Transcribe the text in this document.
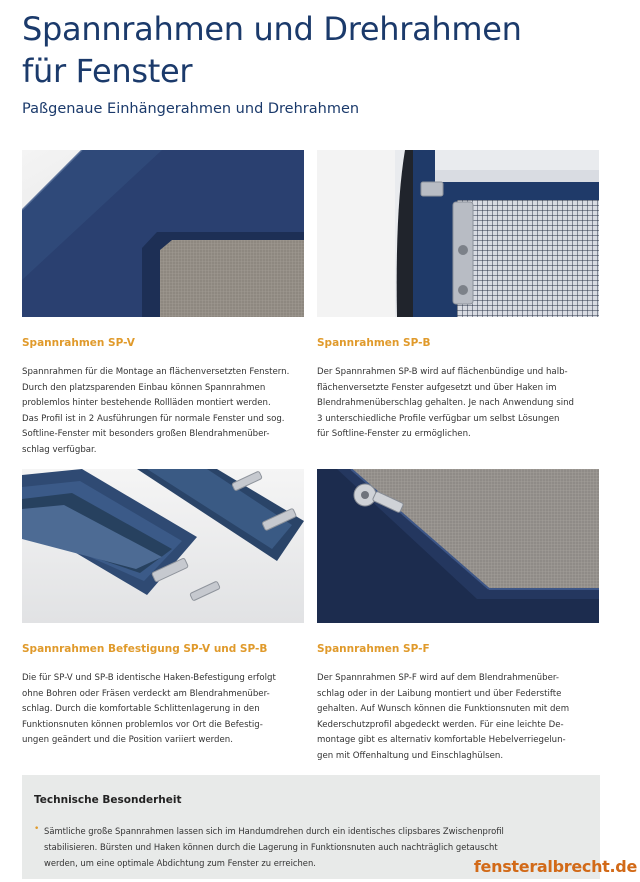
Spannrahmen und Drehrahmen
für Fenster

Paßgenaue Einhängerahmen und Drehrahmen

Spannrahmen SP-V
Spannrahmen für die Montage an flächenversetzten Fenstern.
Durch den platzsparenden Einbau können Spannrahmen
problemlos hinter bestehende Rollläden montiert werden.
Das Profil ist in 2 Ausführungen für normale Fenster und sog.
Softline-Fenster mit besonders großen Blendrahmenüber-
schlag verfügbar.
Spannrahmen SP-B
Der Spannrahmen SP-B wird auf flächenbündige und halb-
flächenversetzte Fenster aufgesetzt und über Haken im
Blendrahmenüberschlag gehalten. Je nach Anwendung sind
3 unterschiedliche Profile verfügbar um selbst Lösungen
für Softline-Fenster zu ermöglichen.
Spannrahmen Befestigung SP-V und SP-B
Die für SP-V und SP-B identische Haken-Befestigung erfolgt
ohne Bohren oder Fräsen verdeckt am Blendrahmenüber-
schlag. Durch die komfortable Schlittenlagerung in den
Funktionsnuten können problemlos vor Ort die Befestig-
ungen geändert und die Position variiert werden.
Spannrahmen SP-F
Der Spannrahmen SP-F wird auf dem Blendrahmenüber-
schlag oder in der Laibung montiert und über Federstifte
gehalten. Auf Wunsch können die Funktionsnuten mit dem
Kederschutzprofil abgedeckt werden. Für eine leichte De-
montage gibt es alternativ komfortable Hebelverriegelun-
gen mit Offenhaltung und Einschlaghülsen.
Technische Besonderheit
• Sämtliche große Spannrahmen lassen sich im Handumdrehen durch ein identisches clipsbares Zwischenprofil
stabilisieren. Bürsten und Haken können durch die Lagerung in Funktionsnuten auch nachträglich getauscht
werden, um eine optimale Abdichtung zum Fenster zu erreichen.	fensteralbrecht.de
